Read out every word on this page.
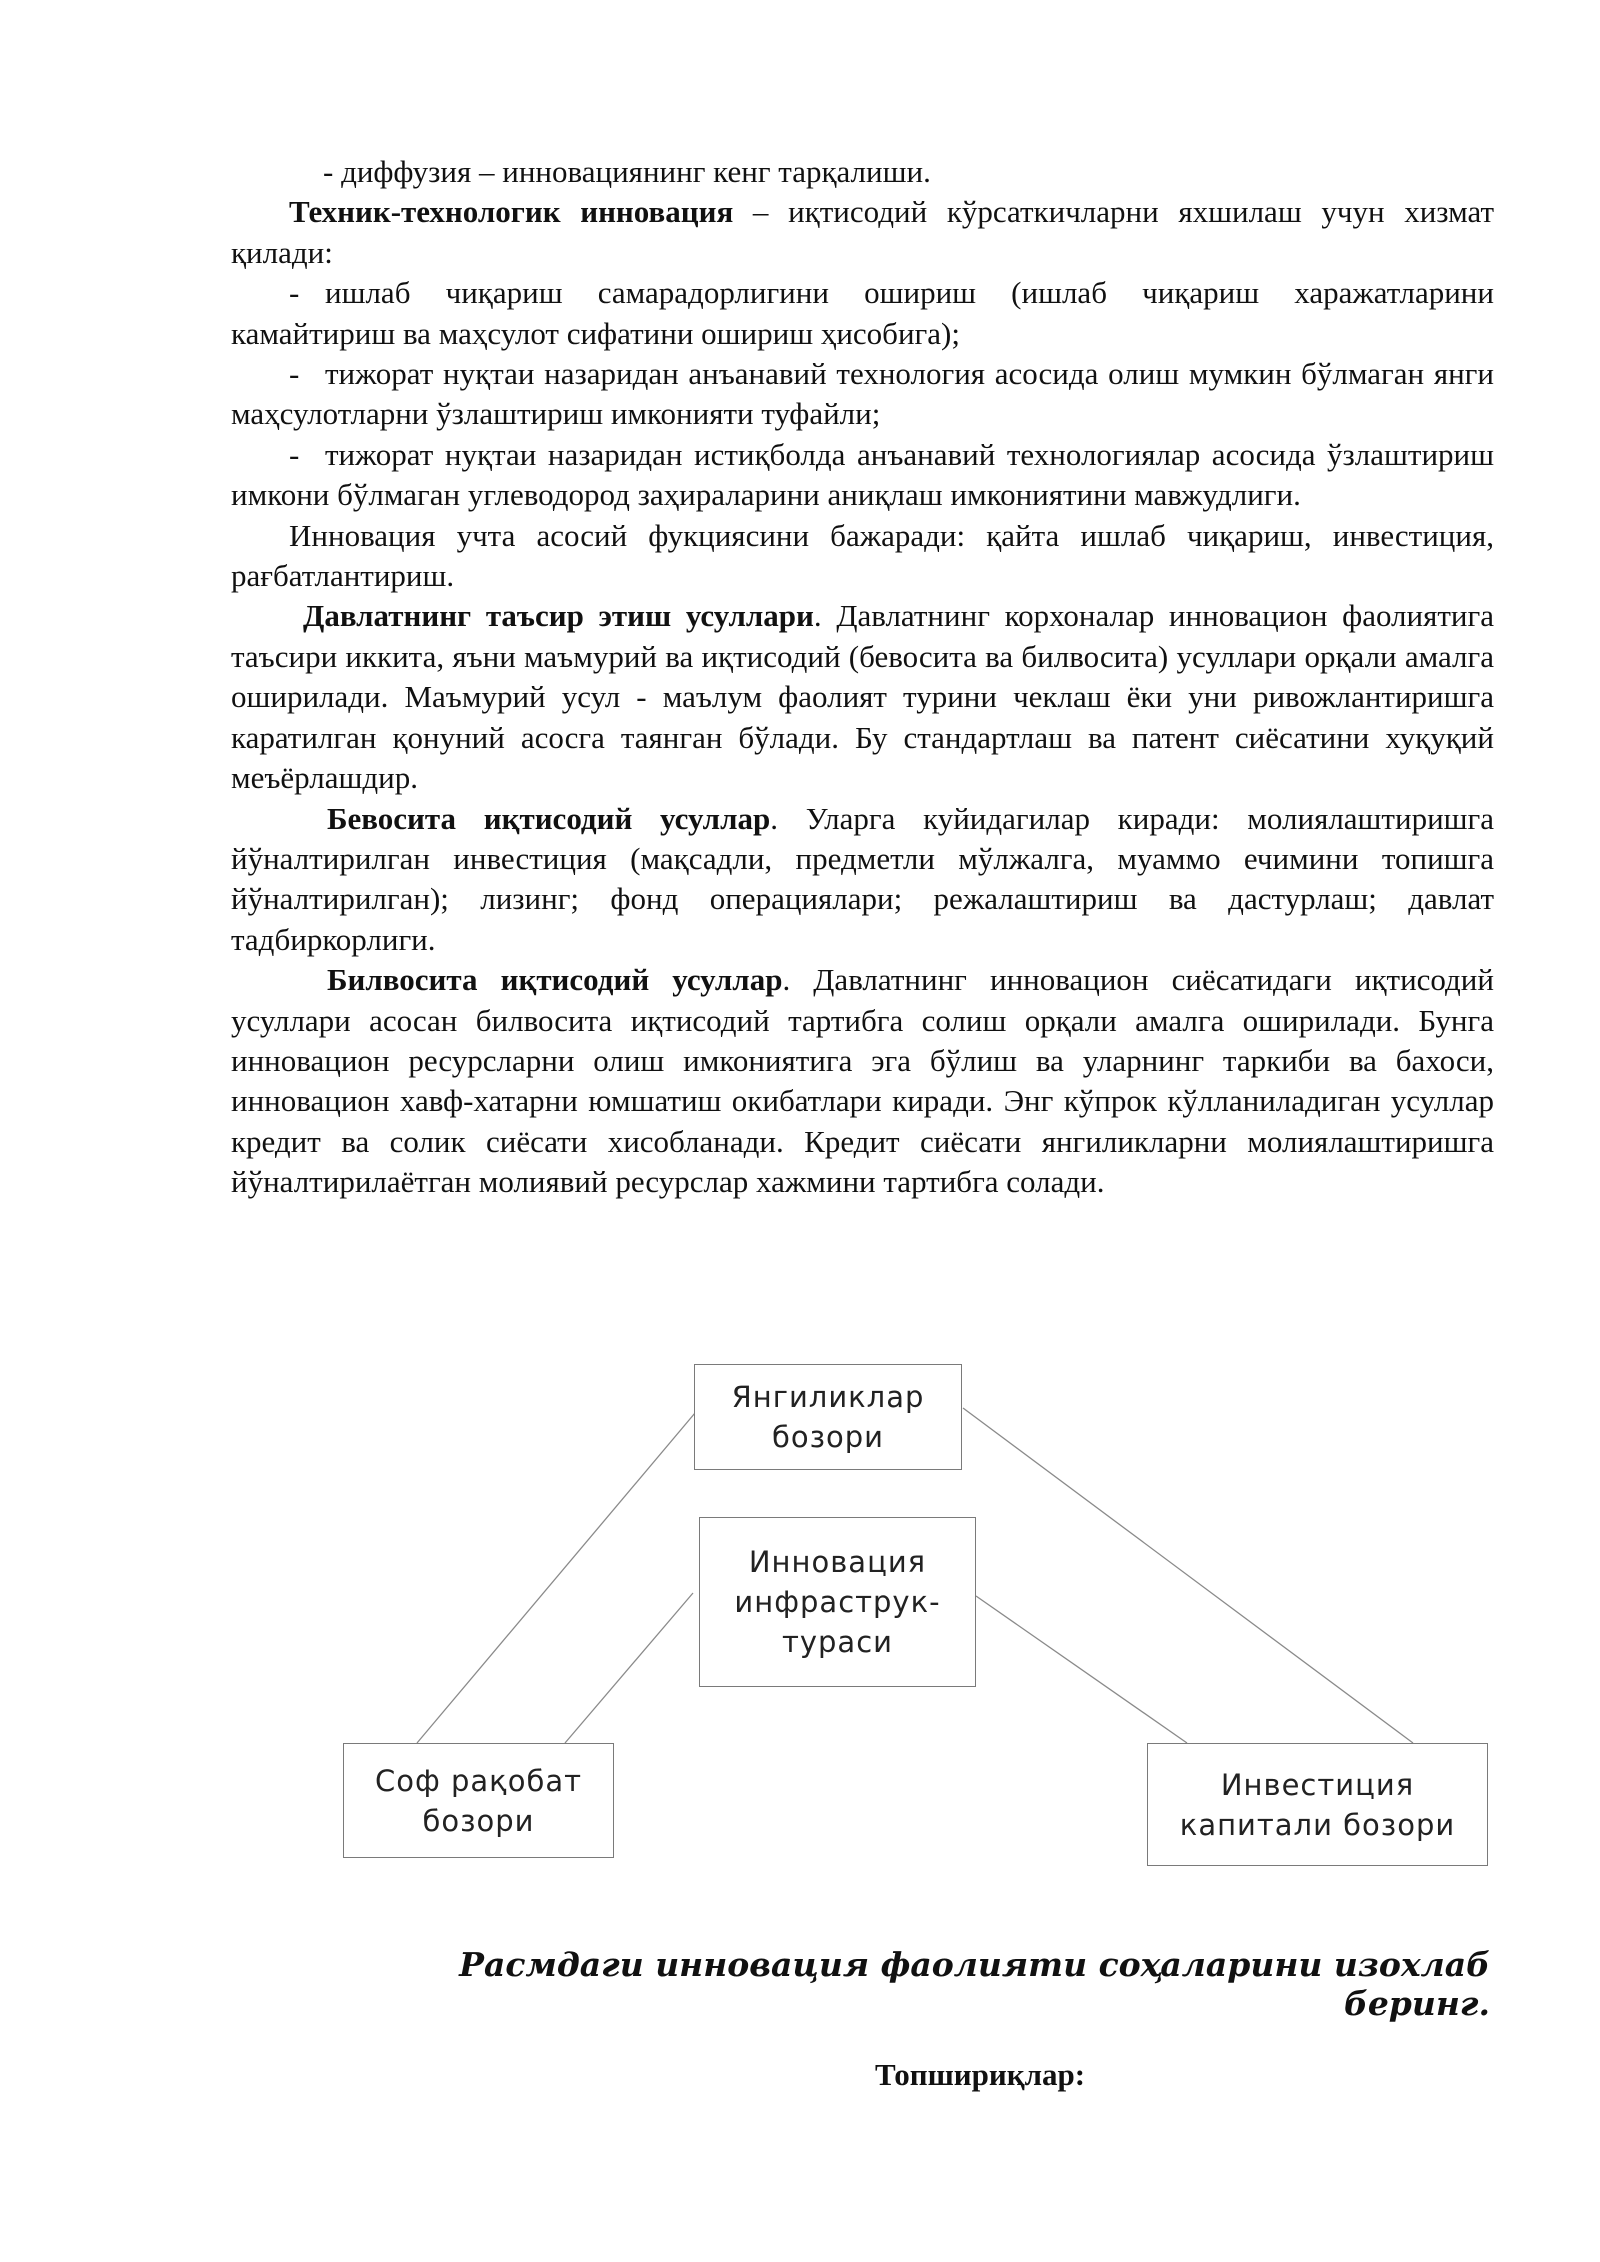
- диффузия – инновациянинг кенг тарқалиши.

Техник-технологик инновация – иқтисодий кўрсаткичларни яхшилаш учун хизмат қилади:

- ишлаб чиқариш самарадорлигини ошириш (ишлаб чиқариш харажатларини камайтириш ва маҳсулот сифатини ошириш ҳисобига);

- тижорат нуқтаи назаридан анъанавий технология асосида олиш мумкин бўлмаган янги маҳсулотларни ўзлаштириш имконияти туфайли;

- тижорат нуқтаи назаридан истиқболда анъанавий технологиялар асосида ўзлаштириш имкони бўлмаган углеводород заҳираларини аниқлаш имкониятини мавжудлиги.

Инновация учта асосий фукциясини бажаради: қайта ишлаб чиқариш, инвестиция, рағбатлантириш.

Давлатнинг таъсир этиш усуллари. Давлатнинг корхоналар инновацион фаолиятига таъсири иккита, яъни маъмурий ва иқтисодий (бевосита ва билвосита) усуллари орқали амалга оширилади. Маъмурий усул - маълум фаолият турини чеклаш ёки уни ривожлантиришга каратилган қонуний асосга таянган бўлади. Бу стандартлаш ва патент сиёсатини хуқуқий меъёрлашдир.

Бевосита иқтисодий усуллар. Уларга куйидагилар киради: молиялаштиришга йўналтирилган инвестиция (мақсадли, предметли мўлжалга, муаммо ечимини топишга йўналтирилган); лизинг; фонд операциялари; режалаштириш ва дастурлаш; давлат тадбиркорлиги.

Билвосита иқтисодий усуллар. Давлатнинг инновацион сиёсатидаги иқтисодий усуллари асосан билвосита иқтисодий тартибга солиш орқали амалга оширилади. Бунга инновацион ресурсларни олиш имкониятига эга бўлиш ва уларнинг таркиби ва бахоси, инновацион хавф-хатарни юмшатиш окибатлари киради. Энг кўпрок кўлланиладиган усуллар кредит ва солик сиёсати хисобланади. Кредит сиёсати янгиликларни молиялаштиришга йўналтирилаётган молиявий ресурслар хажмини тартибга солади.

Янгиликлар
бозори
Инновация
инфраструк-
тураси
Соф рақобат
бозори
Инвестиция
капитали бозори
Расмдаги инновация фаолияти соҳаларини изохлаб беринг.
Топшириқлар:
